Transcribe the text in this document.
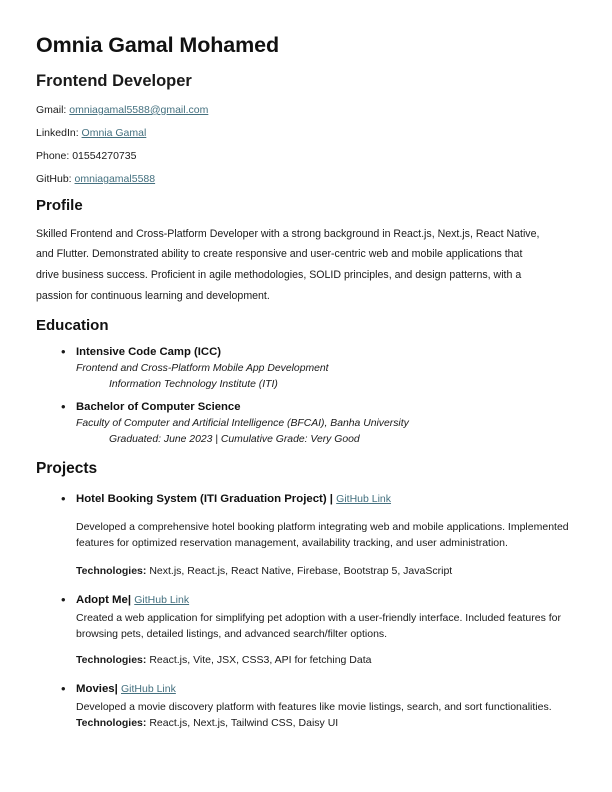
Omnia Gamal Mohamed
Frontend Developer
Gmail: omniagamal5588@gmail.com
LinkedIn: Omnia Gamal
Phone: 01554270735
GitHub: omniagamal5588
Profile

Skilled Frontend and Cross-Platform Developer with a strong background in React.js, Next.js, React Native, and Flutter. Demonstrated ability to create responsive and user-centric web and mobile applications that drive business success. Proficient in agile methodologies, SOLID principles, and design patterns, with a passion for continuous learning and development.

Education
• Intensive Code Camp (ICC)
Frontend and Cross-Platform Mobile App Development
Information Technology Institute (ITI)
• Bachelor of Computer Science
Faculty of Computer and Artificial Intelligence (BFCAI), Banha University
Graduated: June 2023 | Cumulative Grade: Very Good
Projects
• Hotel Booking System (ITI Graduation Project) | GitHub Link

Developed a comprehensive hotel booking platform integrating web and mobile applications. Implemented features for optimized reservation management, availability tracking, and user administration.

Technologies: Next.js, React.js, React Native, Firebase, Bootstrap 5, JavaScript

• Adopt Me| GitHub Link

Created a web application for simplifying pet adoption with a user-friendly interface. Included features for browsing pets, detailed listings, and advanced search/filter options.

Technologies: React.js, Vite, JSX, CSS3, API for fetching Data

• Movies| GitHub Link

Developed a movie discovery platform with features like movie listings, search, and sort functionalities.

Technologies: React.js, Next.js, Tailwind CSS, Daisy UI
